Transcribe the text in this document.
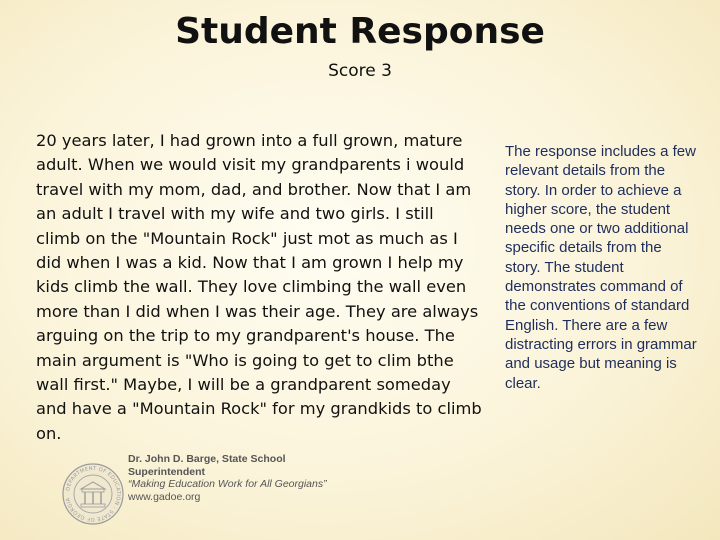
Student Response
Score 3

20 years later, I had grown into a full grown, mature adult. When we would visit my grandparents i would travel with my mom, dad, and brother. Now that I am an adult I travel with my wife and two girls. I still climb on the "Mountain Rock" just mot as much as I did when I was a kid. Now that I am grown I help my kids climb the wall. They love climbing the wall even more than I did when I was their age. They are always arguing on the trip to my grandparent's house. The main argument is "Who is going to get to clim bthe wall first." Maybe, I will be a grandparent someday and have a "Mountain Rock" for my grandkids to climb on.

The response includes a few relevant details from the story. In order to achieve a higher score, the student needs one or two additional specific details from the story. The student demonstrates command of the conventions of standard English. There are a few distracting errors in grammar and usage but meaning is clear.

DEPARTMENT OF EDUCATION · STATE OF GEORGIA
Dr. John D. Barge, State School
Superintendent
“Making Education Work for All Georgians”
www.gadoe.org
